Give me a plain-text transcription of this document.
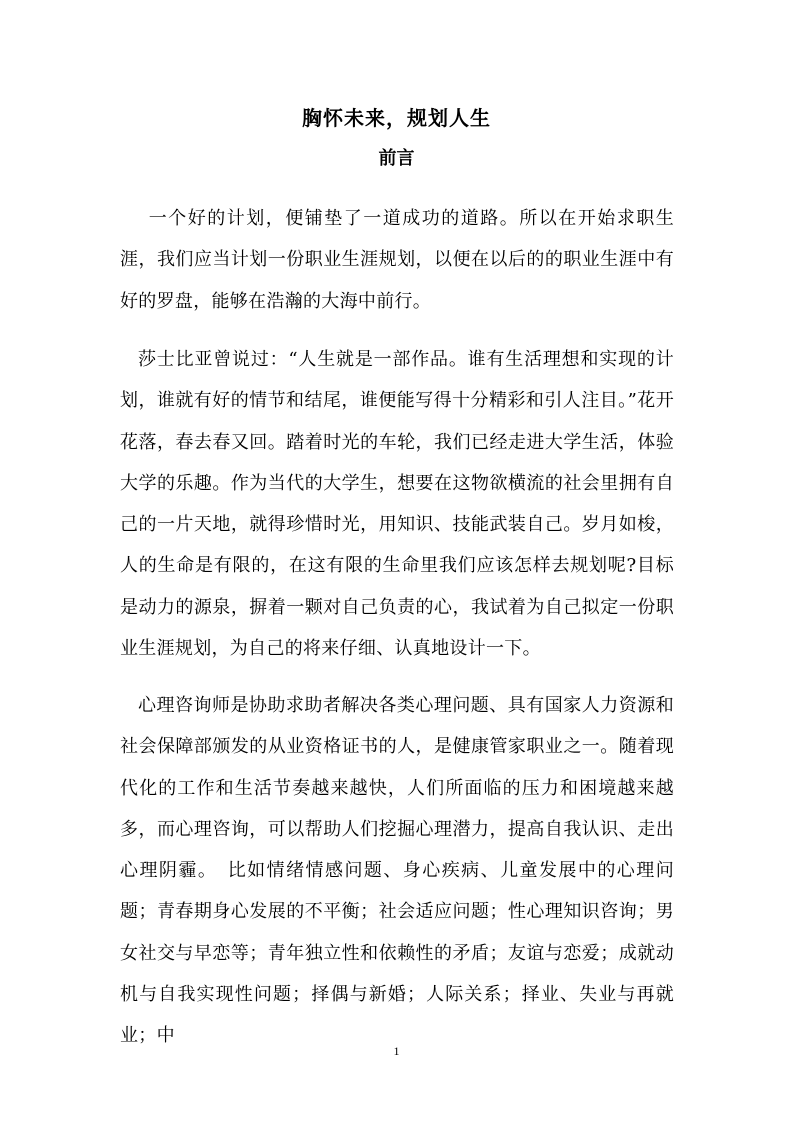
胸怀未来，规划人生
前言

一个好的计划，便铺垫了一道成功的道路。所以在开始求职生涯，我们应当计划一份职业生涯规划，以便在以后的的职业生涯中有好的罗盘，能够在浩瀚的大海中前行。

莎士比亚曾说过：“人生就是一部作品。谁有生活理想和实现的计划，谁就有好的情节和结尾，谁便能写得十分精彩和引人注目。”花开花落，春去春又回。踏着时光的车轮，我们已经走进大学生活，体验大学的乐趣。作为当代的大学生，想要在这物欲横流的社会里拥有自己的一片天地，就得珍惜时光，用知识、技能武装自己。岁月如梭，人的生命是有限的，在这有限的生命里我们应该怎样去规划呢?目标是动力的源泉，摒着一颗对自己负责的心，我试着为自己拟定一份职业生涯规划，为自己的将来仔细、认真地设计一下。

心理咨询师是协助求助者解决各类心理问题、具有国家人力资源和社会保障部颁发的从业资格证书的人，是健康管家职业之一。随着现代化的工作和生活节奏越来越快，人们所面临的压力和困境越来越多，而心理咨询，可以帮助人们挖掘心理潜力，提高自我认识、走出心理阴霾。　比如情绪情感问题、身心疾病、儿童发展中的心理问题；青春期身心发展的不平衡；社会适应问题；性心理知识咨询；男女社交与早恋等；青年独立性和依赖性的矛盾；友谊与恋爱；成就动机与自我实现性问题；择偶与新婚；人际关系；择业、失业与再就业；中

1
